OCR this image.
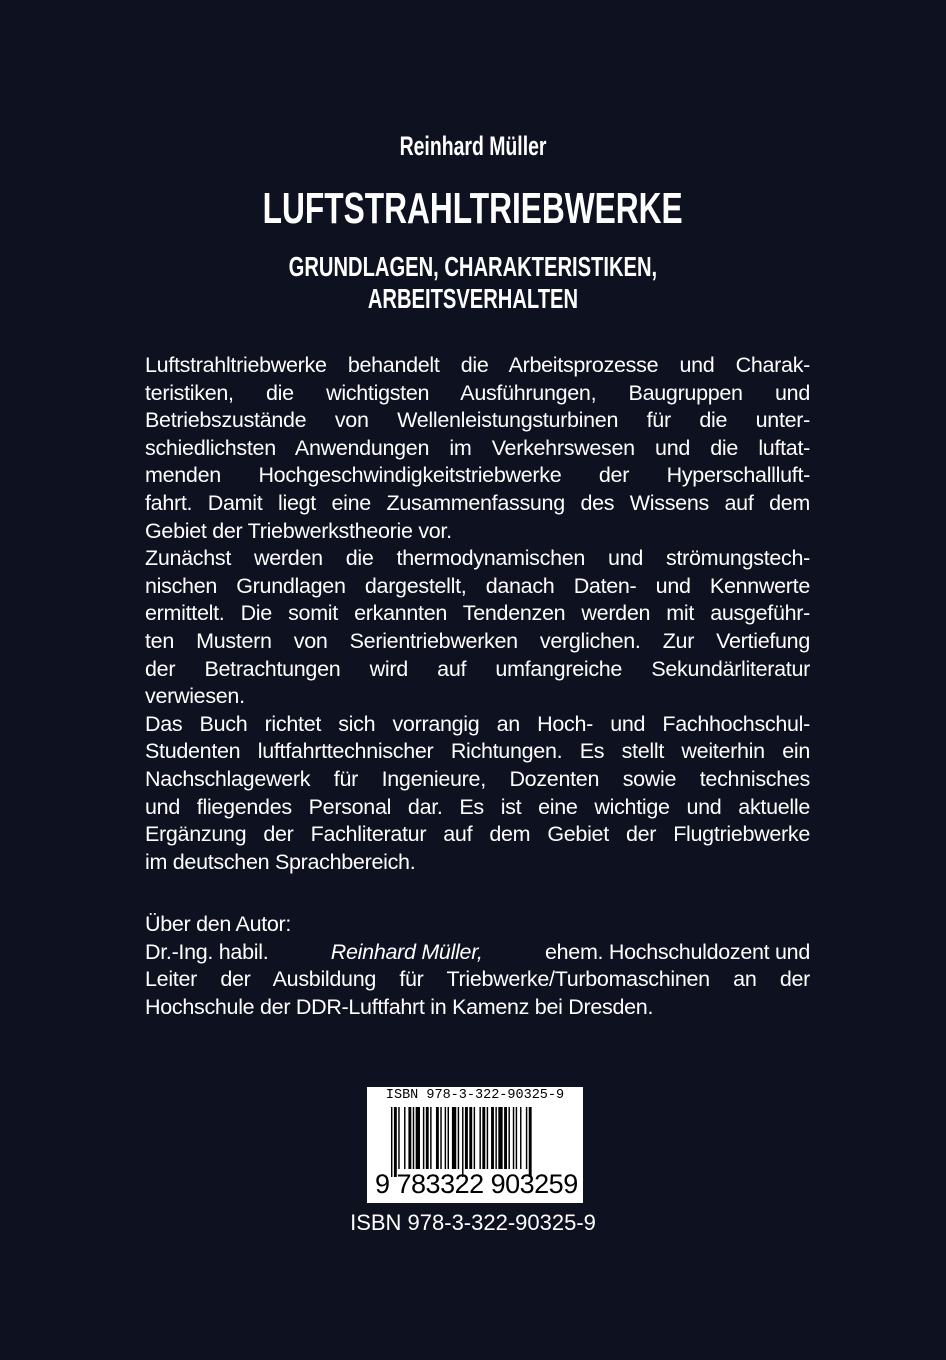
Reinhard Müller
LUFTSTRAHLTRIEBWERKE
GRUNDLAGEN, CHARAKTERISTIKEN,
ARBEITSVERHALTEN
Luftstrahltriebwerke behandelt die Arbeitsprozesse und Charak-
teristiken, die wichtigsten Ausführungen, Baugruppen und
Betriebszustände von Wellenleistungsturbinen für die unter-
schiedlichsten Anwendungen im Verkehrswesen und die luftat-
menden Hochgeschwindigkeitstriebwerke der Hyperschallluft-
fahrt. Damit liegt eine Zusammenfassung des Wissens auf dem
Gebiet der Triebwerkstheorie vor.
Zunächst werden die thermodynamischen und strömungstech-
nischen Grundlagen dargestellt, danach Daten- und Kennwerte
ermittelt. Die somit erkannten Tendenzen werden mit ausgeführ-
ten Mustern von Serientriebwerken verglichen. Zur Vertiefung
der Betrachtungen wird auf umfangreiche Sekundärliteratur
verwiesen.
Das Buch richtet sich vorrangig an Hoch- und Fachhochschul-
Studenten luftfahrttechnischer Richtungen. Es stellt weiterhin ein
Nachschlagewerk für Ingenieure, Dozenten sowie technisches
und fliegendes Personal dar. Es ist eine wichtige und aktuelle
Ergänzung der Fachliteratur auf dem Gebiet der Flugtriebwerke
im deutschen Sprachbereich.
Über den Autor:
Dr.-Ing. habil.	Reinhard Müller,	ehem. Hochschuldozent und
Leiter der Ausbildung für Triebwerke/Turbomaschinen an der
Hochschule der DDR-Luftfahrt in Kamenz bei Dresden.
ISBN 978-3-322-90325-9
9 783322 903259
ISBN 978-3-322-90325-9
